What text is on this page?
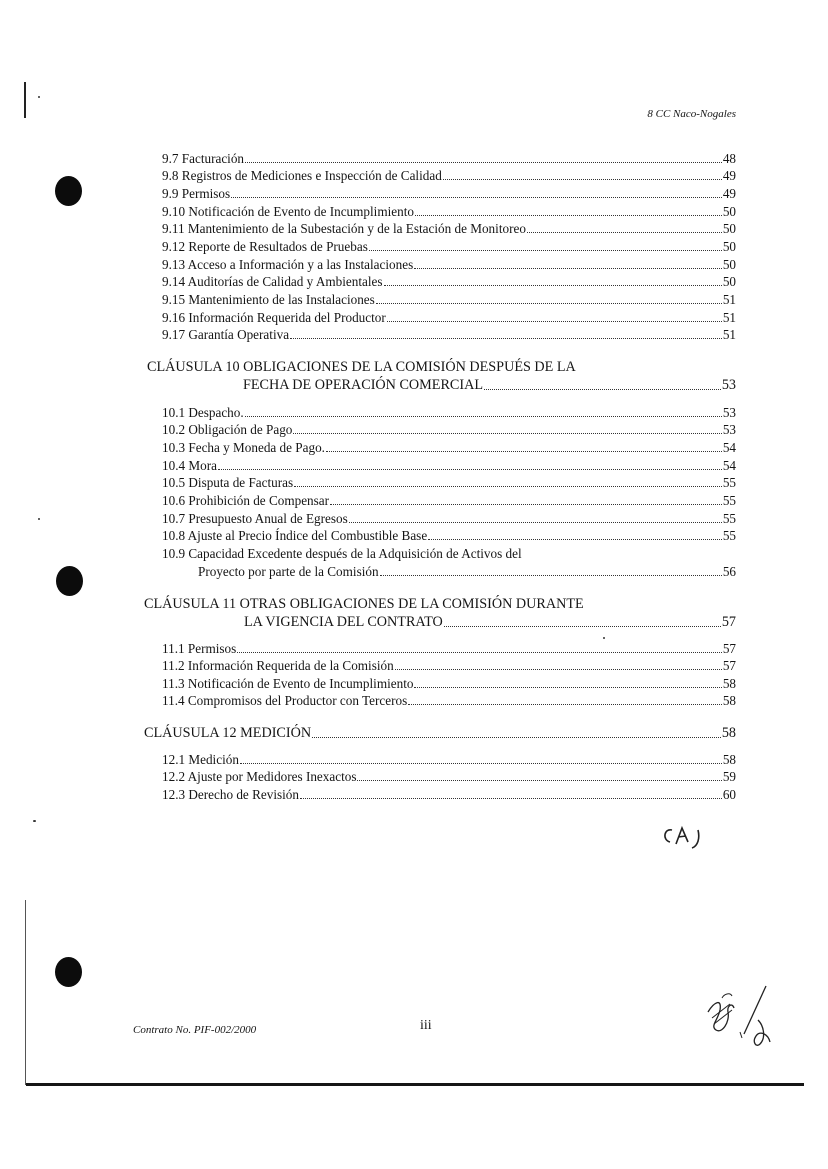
8 CC Naco-Nogales
9.7 Facturación	48
9.8 Registros de Mediciones e Inspección de Calidad	49
9.9 Permisos	49
9.10 Notificación de Evento de Incumplimiento	50
9.11 Mantenimiento de la Subestación y de la Estación de Monitoreo	50
9.12 Reporte de Resultados de Pruebas	50
9.13 Acceso a Información y a las Instalaciones	50
9.14 Auditorías de Calidad y Ambientales	50
9.15 Mantenimiento de las Instalaciones	51
9.16 Información Requerida del Productor	51
9.17 Garantía Operativa	51
CLÁUSULA 10 OBLIGACIONES DE LA COMISIÓN DESPUÉS DE LA
FECHA DE OPERACIÓN COMERCIAL	53
10.1 Despacho.	53
10.2 Obligación de Pago	53
10.3 Fecha y Moneda de Pago.	54
10.4 Mora	54
10.5 Disputa de Facturas	55
10.6 Prohibición de Compensar	55
10.7 Presupuesto Anual de Egresos	55
10.8 Ajuste al Precio Índice del Combustible Base	55
10.9 Capacidad Excedente después de la Adquisición de Activos del
Proyecto por parte de la Comisión	56
CLÁUSULA 11 OTRAS OBLIGACIONES DE LA COMISIÓN DURANTE
LA VIGENCIA DEL CONTRATO	57
11.1 Permisos	57
11.2 Información Requerida de la Comisión	57
11.3 Notificación de Evento de Incumplimiento	58
11.4 Compromisos del Productor con Terceros	58
CLÁUSULA 12 MEDICIÓN	58
12.1 Medición	58
12.2 Ajuste por Medidores Inexactos	59
12.3 Derecho de Revisión	60
Contrato No. PIF-002/2000	iii
